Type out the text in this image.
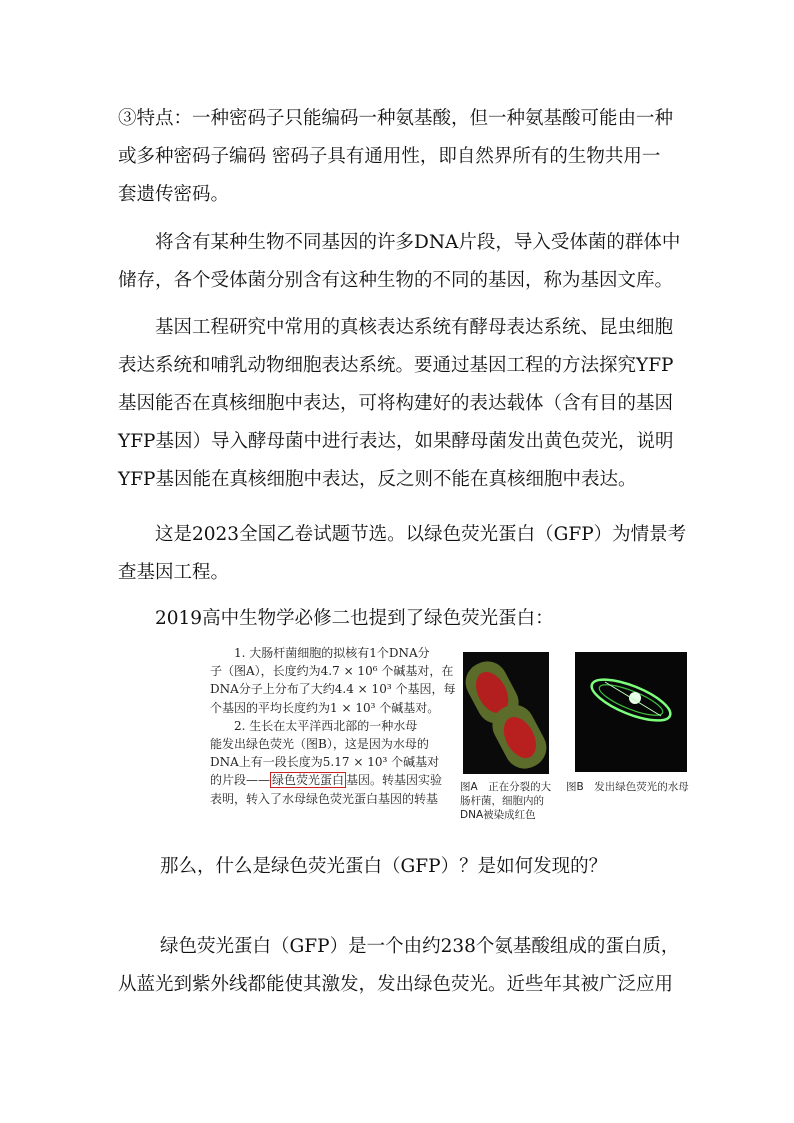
③特点：一种密码子只能编码一种氨基酸，但一种氨基酸可能由一种
或多种密码子编码 密码子具有通用性，即自然界所有的生物共用一
套遗传密码。
　　将含有某种生物不同基因的许多DNA片段，导入受体菌的群体中
储存，各个受体菌分别含有这种生物的不同的基因，称为基因文库。
　　基因工程研究中常用的真核表达系统有酵母表达系统、昆虫细胞
表达系统和哺乳动物细胞表达系统。要通过基因工程的方法探究YFP
基因能否在真核细胞中表达，可将构建好的表达载体（含有目的基因
YFP基因）导入酵母菌中进行表达，如果酵母菌发出黄色荧光，说明
YFP基因能在真核细胞中表达，反之则不能在真核细胞中表达。
　　这是2023全国乙卷试题节选。以绿色荧光蛋白（GFP）为情景考
查基因工程。
　　2019高中生物学必修二也提到了绿色荧光蛋白：
　　1. 大肠杆菌细胞的拟核有1个DNA分
子（图A），长度约为4.7 × 10⁶ 个碱基对，在
DNA分子上分布了大约4.4 × 10³ 个基因，每
个基因的平均长度约为1 × 10³ 个碱基对。
　　2. 生长在太平洋西北部的一种水母
能发出绿色荧光（图B），这是因为水母的
DNA上有一段长度为5.17 × 10³ 个碱基对
的片段—— 绿色荧光蛋白 基因。转基因实验
表明，转入了水母绿色荧光蛋白基因的转基
图A　正在分裂的大
肠杆菌，细胞内的
DNA被染成红色
图B　发出绿色荧光的水母
那么，什么是绿色荧光蛋白（GFP）？是如何发现的？
绿色荧光蛋白（GFP）是一个由约238个氨基酸组成的蛋白质，
从蓝光到紫外线都能使其激发，发出绿色荧光。近些年其被广泛应用
